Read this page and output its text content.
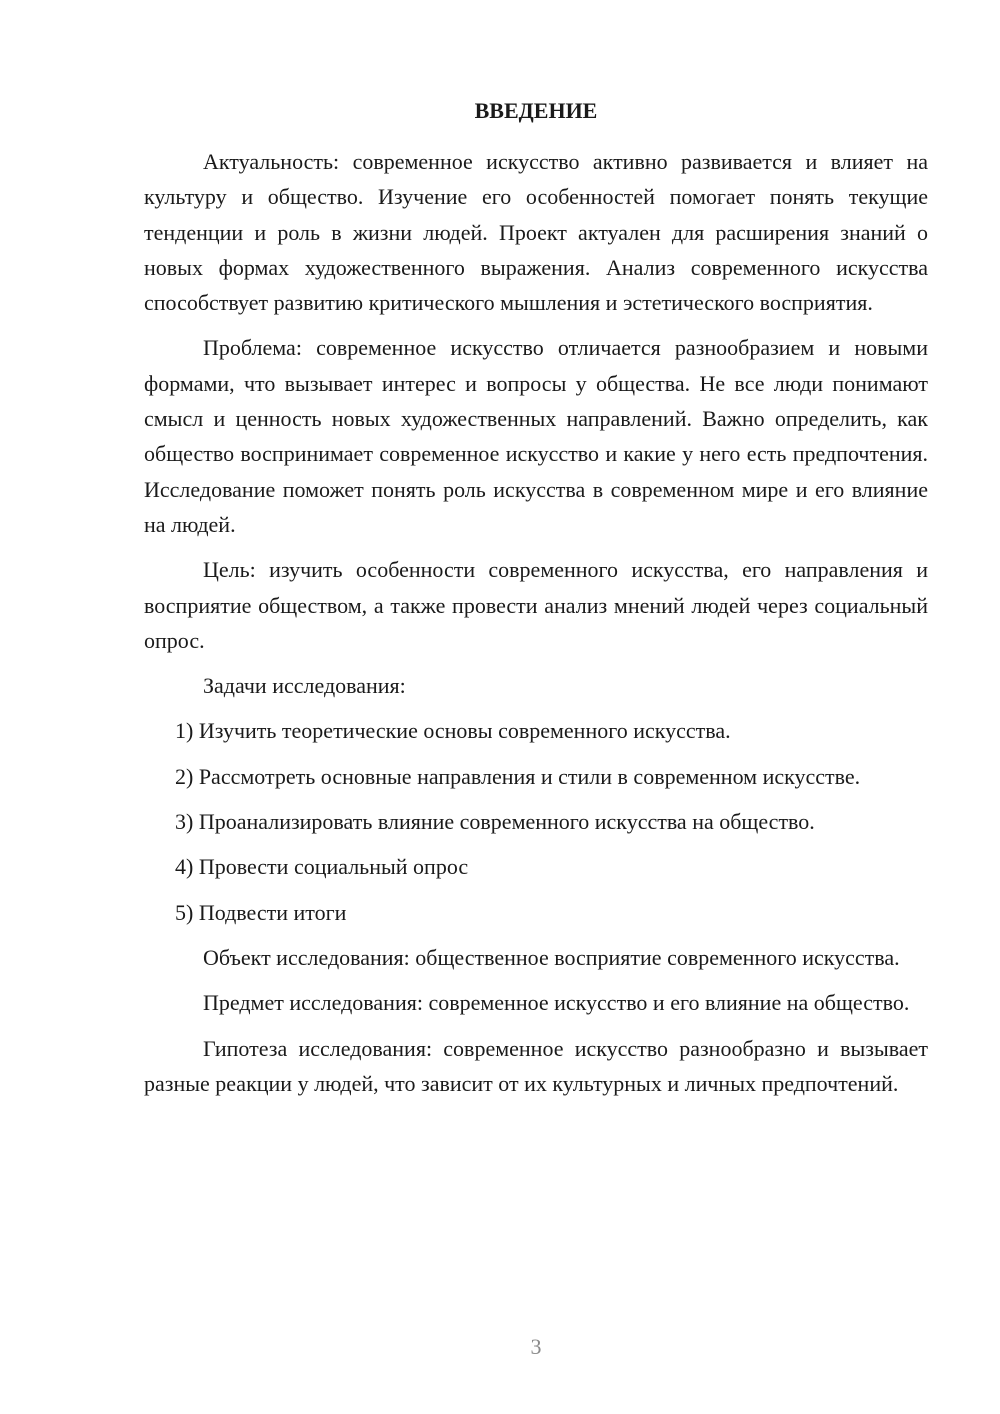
ВВЕДЕНИЕ

Актуальность: современное искусство активно развивается и влияет на культуру и общество. Изучение его особенностей помогает понять текущие тенденции и роль в жизни людей. Проект актуален для расширения знаний о новых формах художественного выражения. Анализ современного искусства способствует развитию критического мышления и эстетического восприятия.

Проблема: современное искусство отличается разнообразием и новыми формами, что вызывает интерес и вопросы у общества. Не все люди понимают смысл и ценность новых художественных направлений. Важно определить, как общество воспринимает современное искусство и какие у него есть предпочтения. Исследование поможет понять роль искусства в современном мире и его влияние на людей.

Цель: изучить особенности современного искусства, его направления и восприятие обществом, а также провести анализ мнений людей через социальный опрос.

Задачи исследования:

1) Изучить теоретические основы современного искусства.

2) Рассмотреть основные направления и стили в современном искусстве.

3) Проанализировать влияние современного искусства на общество.

4) Провести социальный опрос

5) Подвести итоги

Объект исследования: общественное восприятие современного искусства.

Предмет исследования: современное искусство и его влияние на общество.

Гипотеза исследования: современное искусство разнообразно и вызывает разные реакции у людей, что зависит от их культурных и личных предпочтений.

3
